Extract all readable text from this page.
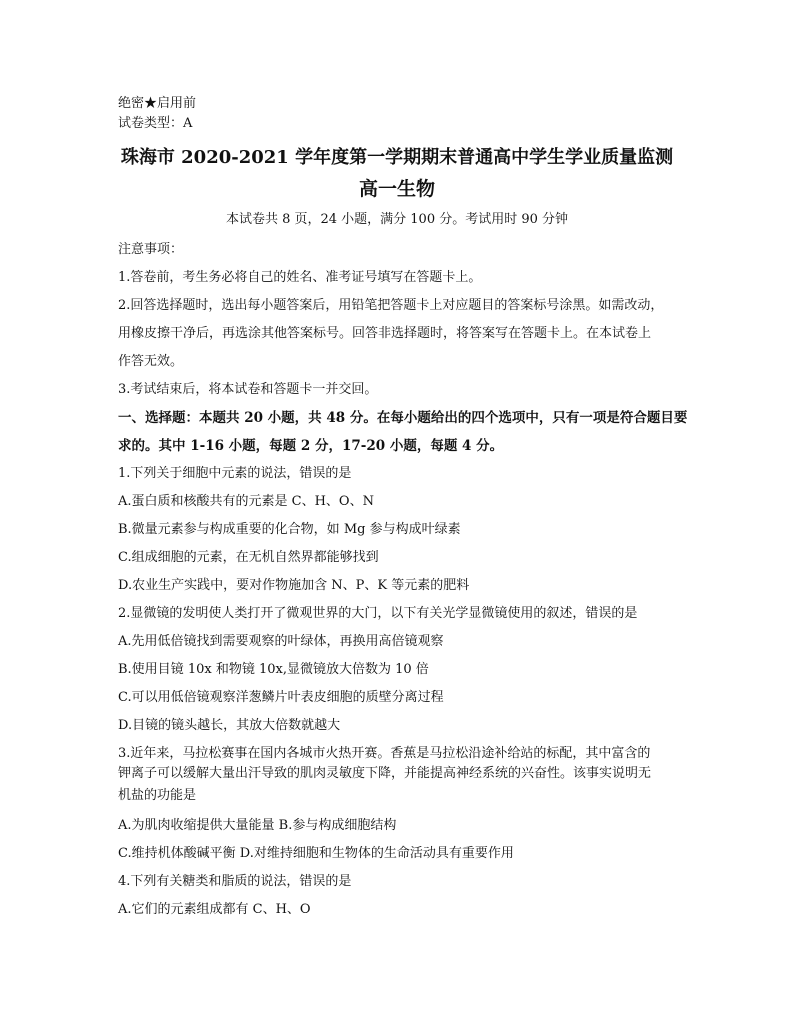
绝密★启用前
试卷类型：A
珠海市 2020-2021 学年度第一学期期末普通高中学生学业质量监测
高一生物
本试卷共 8 页，24 小题，满分 100 分。考试用时 90 分钟
注意事项：
1.答卷前，考生务必将自己的姓名、准考证号填写在答题卡上。
2.回答选择题时，选出每小题答案后，用铅笔把答题卡上对应题目的答案标号涂黑。如需改动，
用橡皮擦干净后，再选涂其他答案标号。回答非选择题时，将答案写在答题卡上。在本试卷上
作答无效。
3.考试结束后，将本试卷和答题卡一并交回。
一、选择题：本题共 20 小题，共 48 分。在每小题给出的四个选项中，只有一项是符合题目要
求的。其中 1-16 小题，每题 2 分，17-20 小题，每题 4 分。
1.下列关于细胞中元素的说法，错误的是
A.蛋白质和核酸共有的元素是 C、H、O、N
B.微量元素参与构成重要的化合物，如 Mg 参与构成叶绿素
C.组成细胞的元素，在无机自然界都能够找到
D.农业生产实践中，要对作物施加含 N、P、K 等元素的肥料
2.显微镜的发明使人类打开了微观世界的大门，以下有关光学显微镜使用的叙述，错误的是
A.先用低倍镜找到需要观察的叶绿体，再换用高倍镜观察
B.使用目镜 10x 和物镜 10x,显微镜放大倍数为 10 倍
C.可以用低倍镜观察洋葱鳞片叶表皮细胞的质壁分离过程
D.目镜的镜头越长，其放大倍数就越大
3.近年来，马拉松赛事在国内各城市火热开赛。香蕉是马拉松沿途补给站的标配，其中富含的
钾离子可以缓解大量出汗导致的肌肉灵敏度下降，并能提高神经系统的兴奋性。该事实说明无
机盐的功能是
A.为肌肉收缩提供大量能量 B.参与构成细胞结构
C.维持机体酸碱平衡 D.对维持细胞和生物体的生命活动具有重要作用
4.下列有关糖类和脂质的说法，错误的是
A.它们的元素组成都有 C、H、O
